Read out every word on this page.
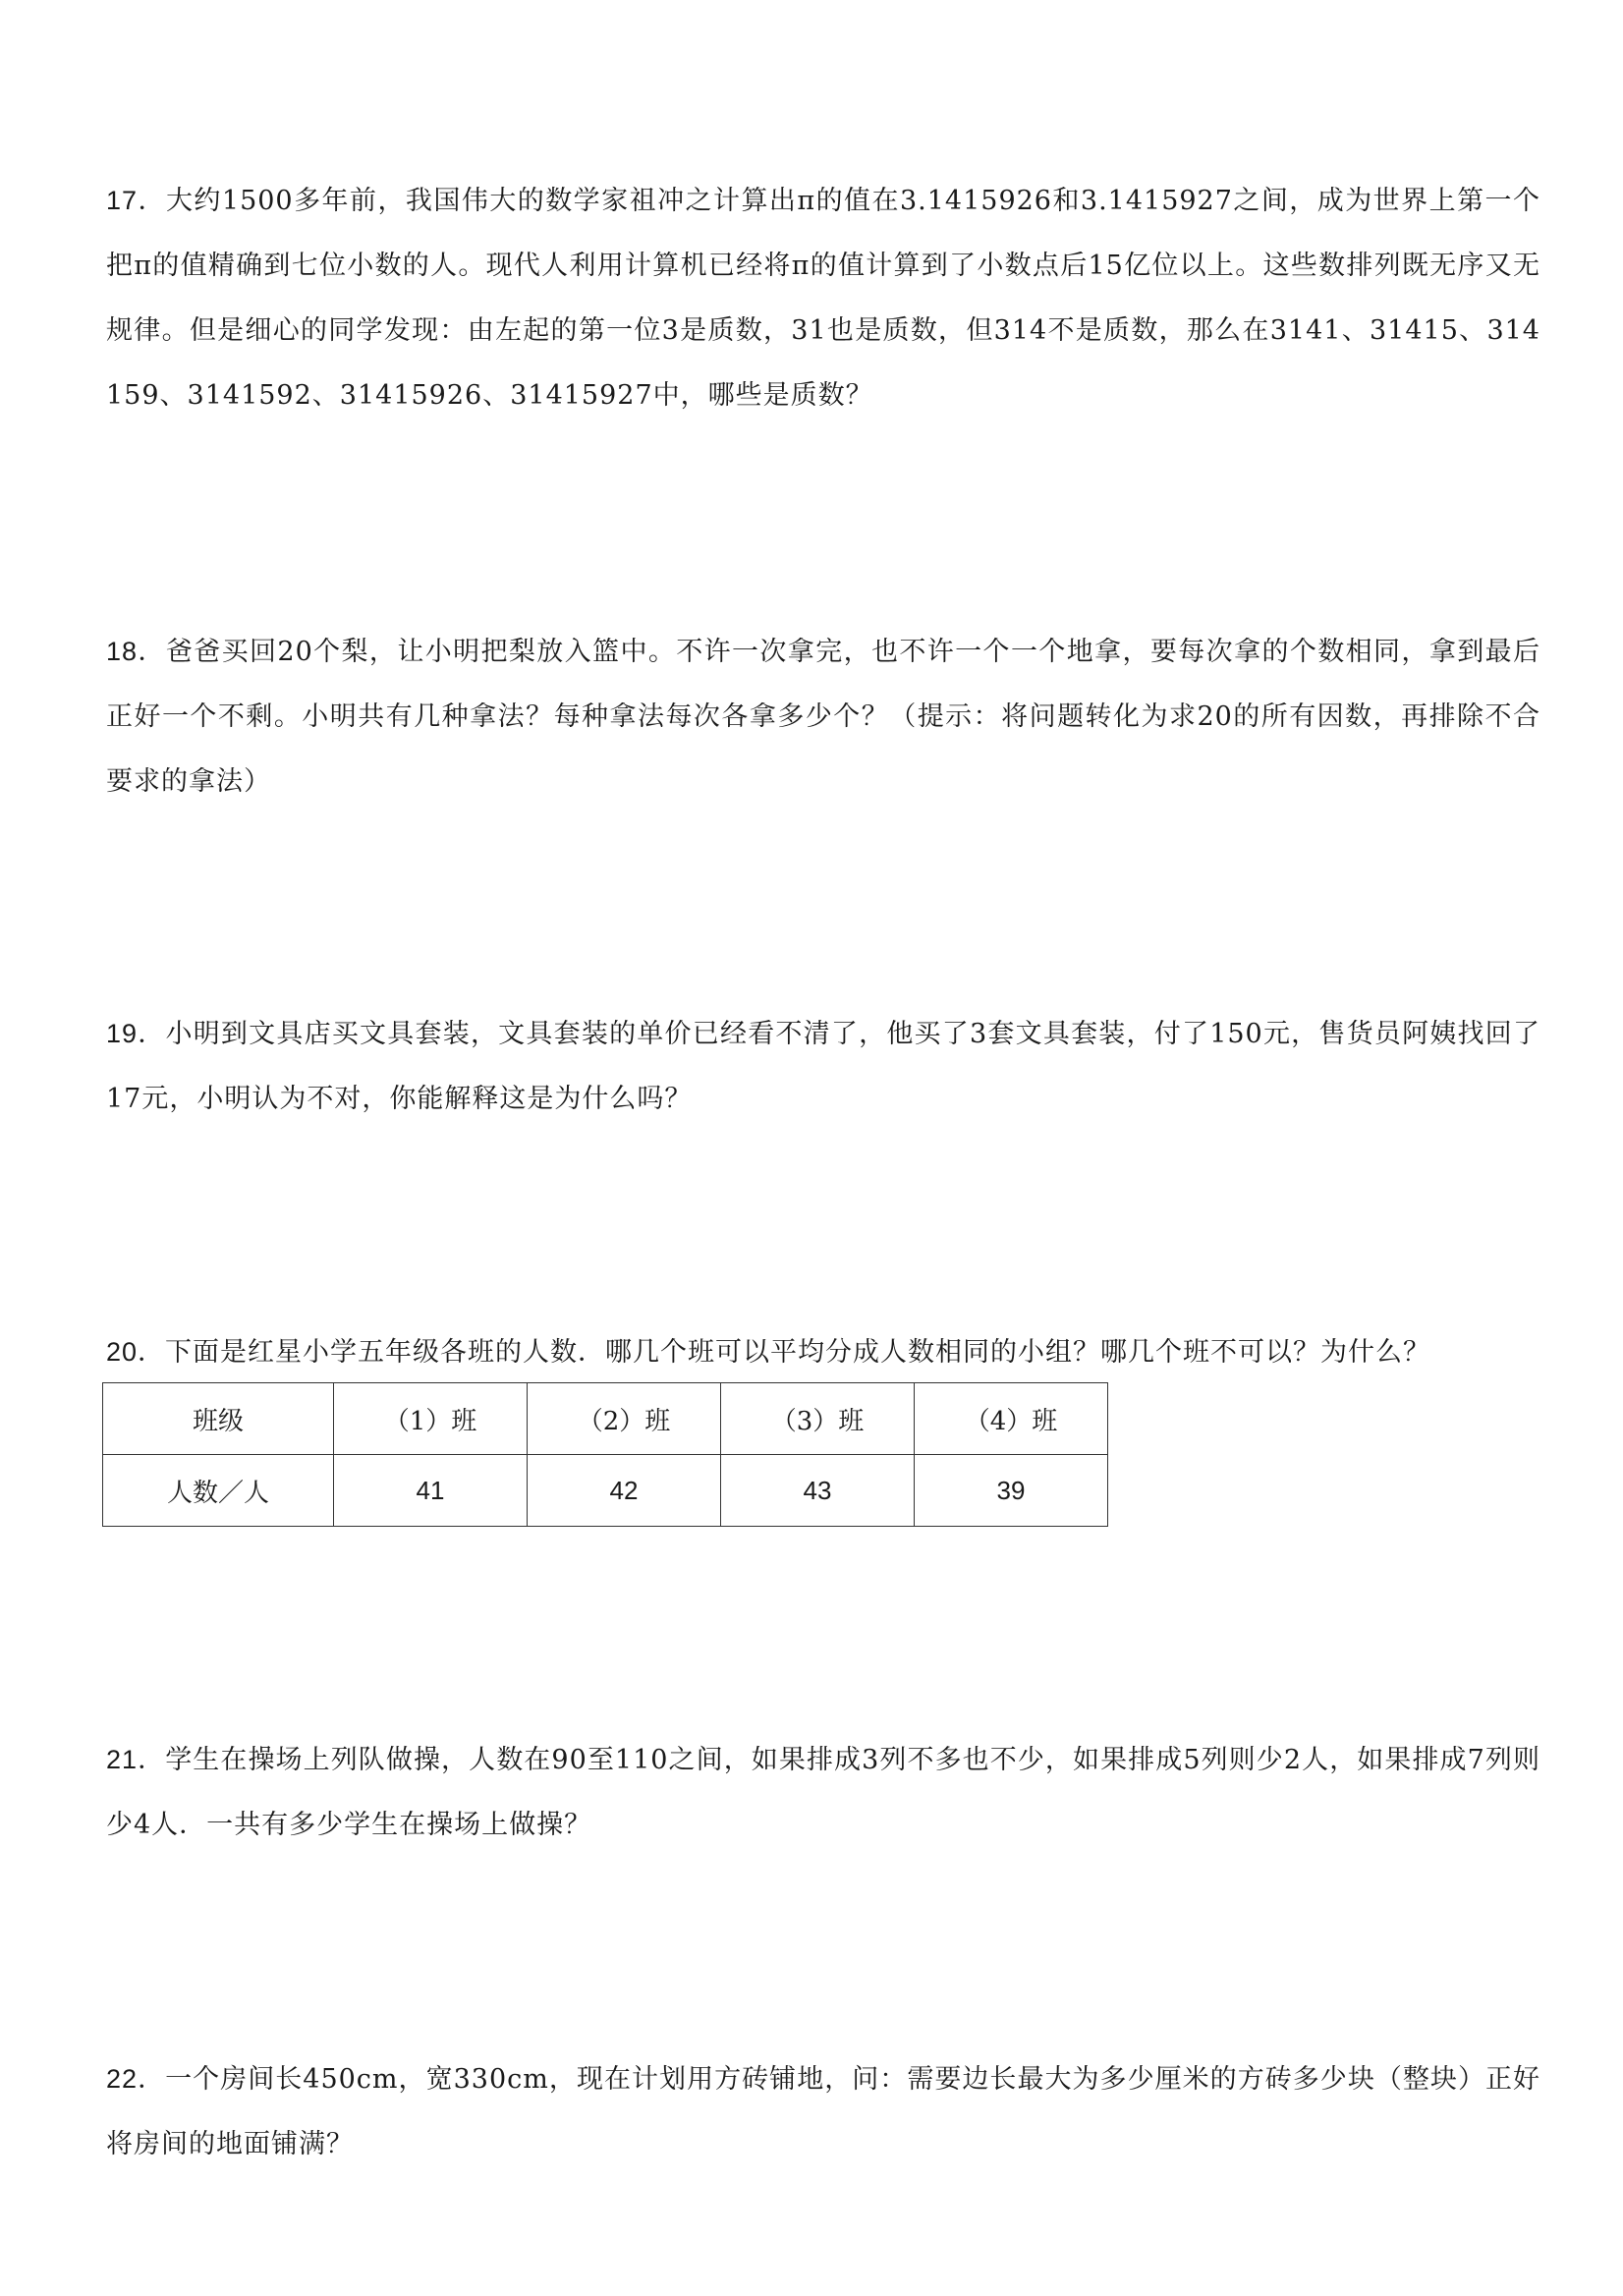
17．大约1500多年前，我国伟大的数学家祖冲之计算出π的值在3.1415926和3.1415927之间，成为世界上第一个把π的值精确到七位小数的人。现代人利用计算机已经将π的值计算到了小数点后15亿位以上。这些数排列既无序又无规律。但是细心的同学发现：由左起的第一位3是质数，31也是质数，但314不是质数，那么在3141、31415、314159、3141592、31415926、31415927中，哪些是质数？
18．爸爸买回20个梨，让小明把梨放入篮中。不许一次拿完，也不许一个一个地拿，要每次拿的个数相同，拿到最后正好一个不剩。小明共有几种拿法？每种拿法每次各拿多少个？（提示：将问题转化为求20的所有因数，再排除不合要求的拿法）
19．小明到文具店买文具套装，文具套装的单价已经看不清了，他买了3套文具套装，付了150元，售货员阿姨找回了17元，小明认为不对，你能解释这是为什么吗？
20．下面是红星小学五年级各班的人数．哪几个班可以平均分成人数相同的小组？哪几个班不可以？为什么？
班级	（1）班	（2）班	（3）班	（4）班
人数／人	41	42	43	39
21．学生在操场上列队做操，人数在90至110之间，如果排成3列不多也不少，如果排成5列则少2人，如果排成7列则少4人．一共有多少学生在操场上做操？
22．一个房间长450cm，宽330cm，现在计划用方砖铺地，问：需要边长最大为多少厘米的方砖多少块（整块）正好将房间的地面铺满？
